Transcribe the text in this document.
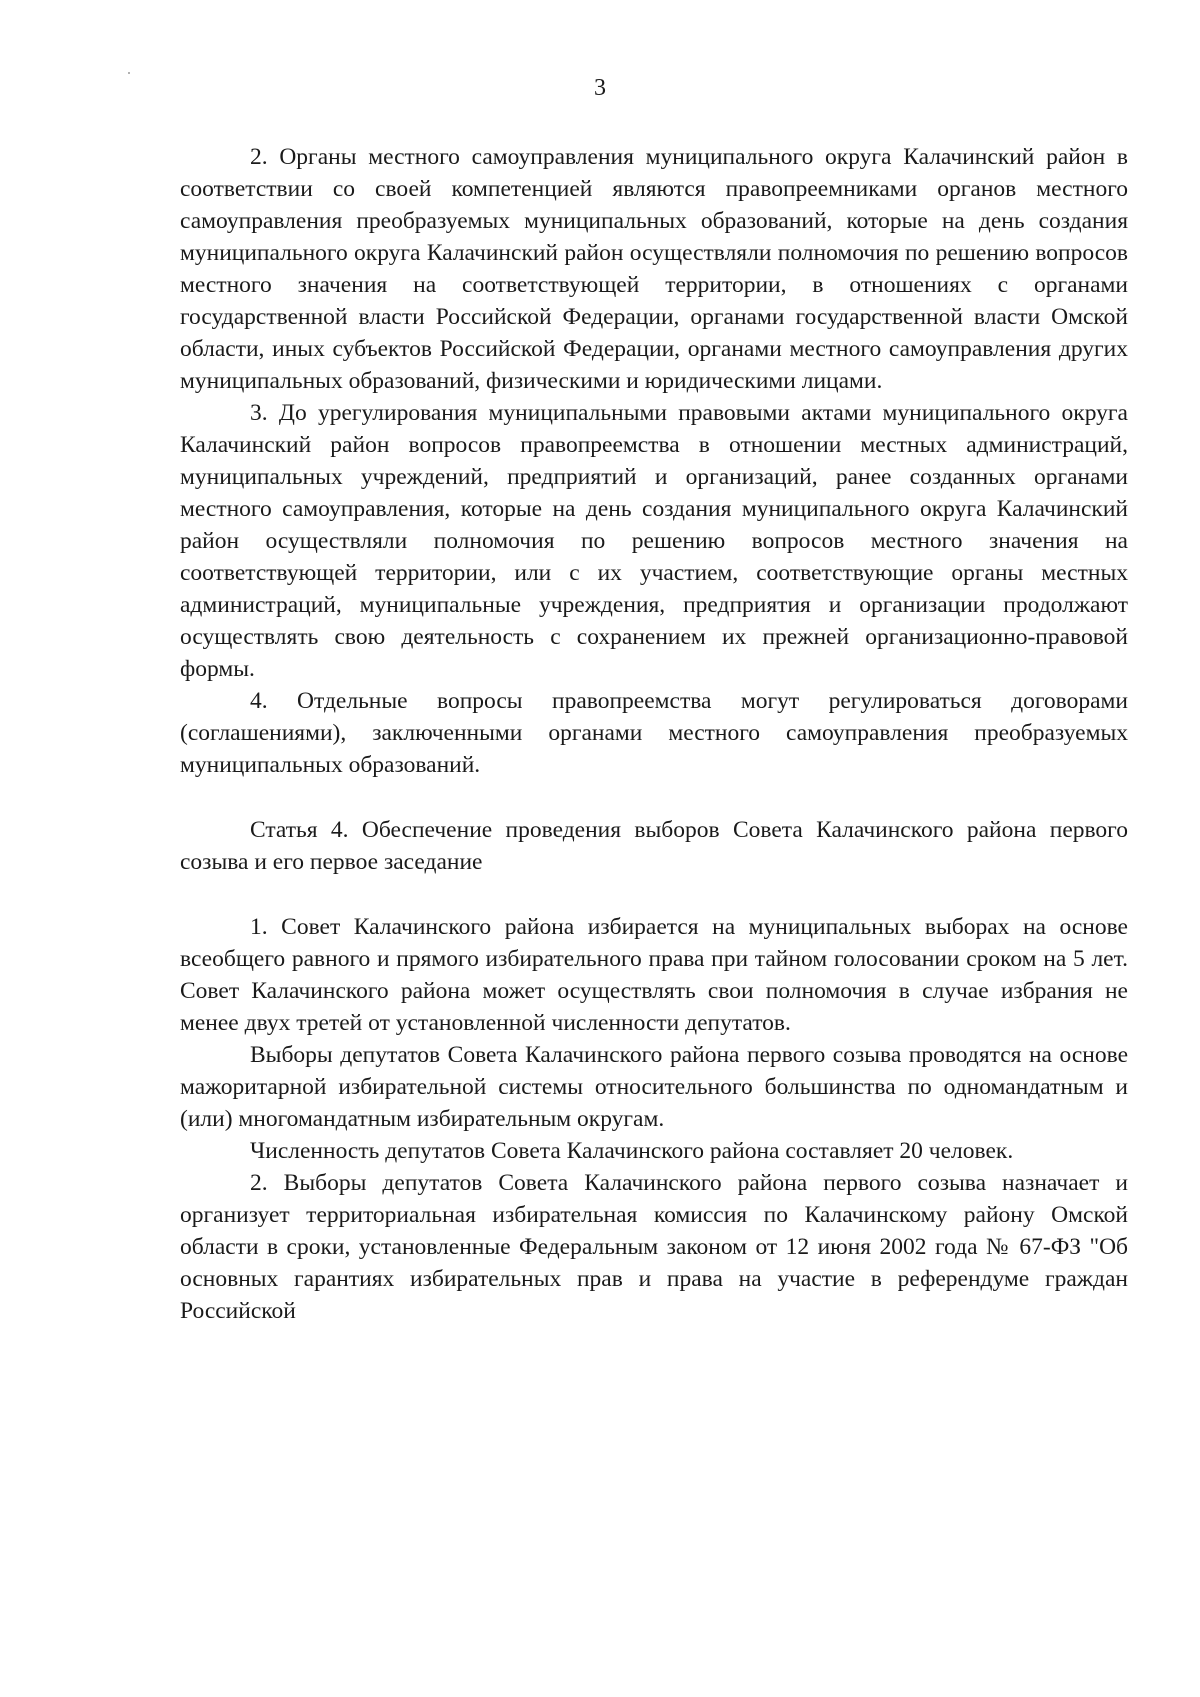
3

2. Органы местного самоуправления муниципального округа Калачинский район в соответствии со своей компетенцией являются правопреемниками органов местного самоуправления преобразуемых муниципальных образований, которые на день создания муниципального округа Калачинский район осуществляли полномочия по решению вопросов местного значения на соответствующей территории, в отношениях с органами государственной власти Российской Федерации, органами государственной власти Омской области, иных субъектов Российской Федерации, органами местного самоуправления других муниципальных образований, физическими и юридическими лицами.

3. До урегулирования муниципальными правовыми актами муниципального округа Калачинский район вопросов правопреемства в отношении местных администраций, муниципальных учреждений, предприятий и организаций, ранее созданных органами местного самоуправления, которые на день создания муниципального округа Калачинский район осуществляли полномочия по решению вопросов местного значения на соответствующей территории, или с их участием, соответствующие органы местных администраций, муниципальные учреждения, предприятия и организации продолжают осуществлять свою деятельность с сохранением их прежней организационно-правовой формы.

4. Отдельные вопросы правопреемства могут регулироваться договорами (соглашениями), заключенными органами местного самоуправления преобразуемых муниципальных образований.

Статья 4. Обеспечение проведения выборов Совета Калачинского района первого созыва и его первое заседание

1. Совет Калачинского района избирается на муниципальных выборах на основе всеобщего равного и прямого избирательного права при тайном голосовании сроком на 5 лет. Совет Калачинского района может осуществлять свои полномочия в случае избрания не менее двух третей от установленной численности депутатов.

Выборы депутатов Совета Калачинского района первого созыва проводятся на основе мажоритарной избирательной системы относительного большинства по одномандатным и (или) многомандатным избирательным округам.

Численность депутатов Совета Калачинского района составляет 20 человек.

2. Выборы депутатов Совета Калачинского района первого созыва назначает и организует территориальная избирательная комиссия по Калачинскому району Омской области в сроки, установленные Федеральным законом от 12 июня 2002 года № 67-ФЗ "Об основных гарантиях избирательных прав и права на участие в референдуме граждан Российской
